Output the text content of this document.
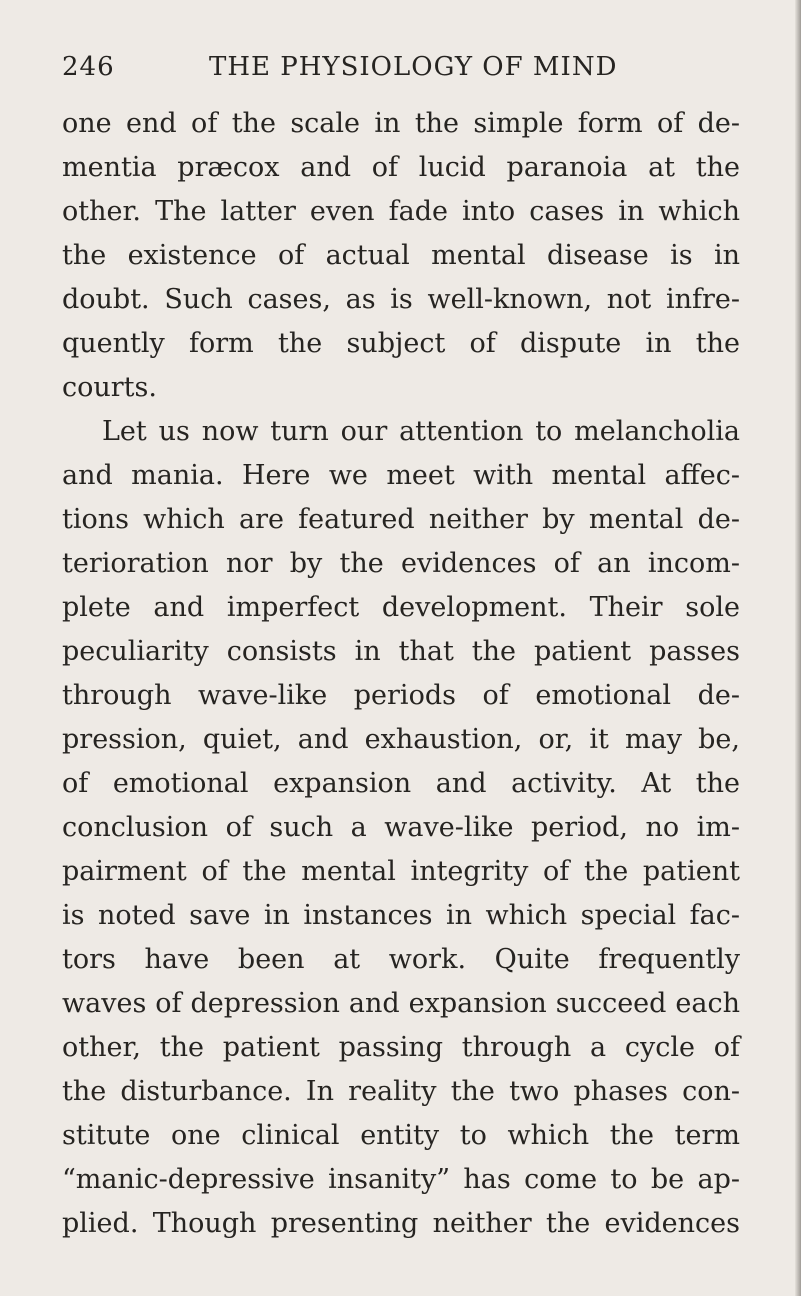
246	THE PHYSIOLOGY OF MIND
one end of the scale in the simple form of de-
mentia præcox and of lucid paranoia at the
other. The latter even fade into cases in which
the existence of actual mental disease is in
doubt. Such cases, as is well-known, not infre-
quently form the subject of dispute in the
courts.
Let us now turn our attention to melancholia
and mania. Here we meet with mental affec-
tions which are featured neither by mental de-
terioration nor by the evidences of an incom-
plete and imperfect development. Their sole
peculiarity consists in that the patient passes
through wave-like periods of emotional de-
pression, quiet, and exhaustion, or, it may be,
of emotional expansion and activity. At the
conclusion of such a wave-like period, no im-
pairment of the mental integrity of the patient
is noted save in instances in which special fac-
tors have been at work. Quite frequently
waves of depression and expansion succeed each
other, the patient passing through a cycle of
the disturbance. In reality the two phases con-
stitute one clinical entity to which the term
“manic-depressive insanity” has come to be ap-
plied. Though presenting neither the evidences
